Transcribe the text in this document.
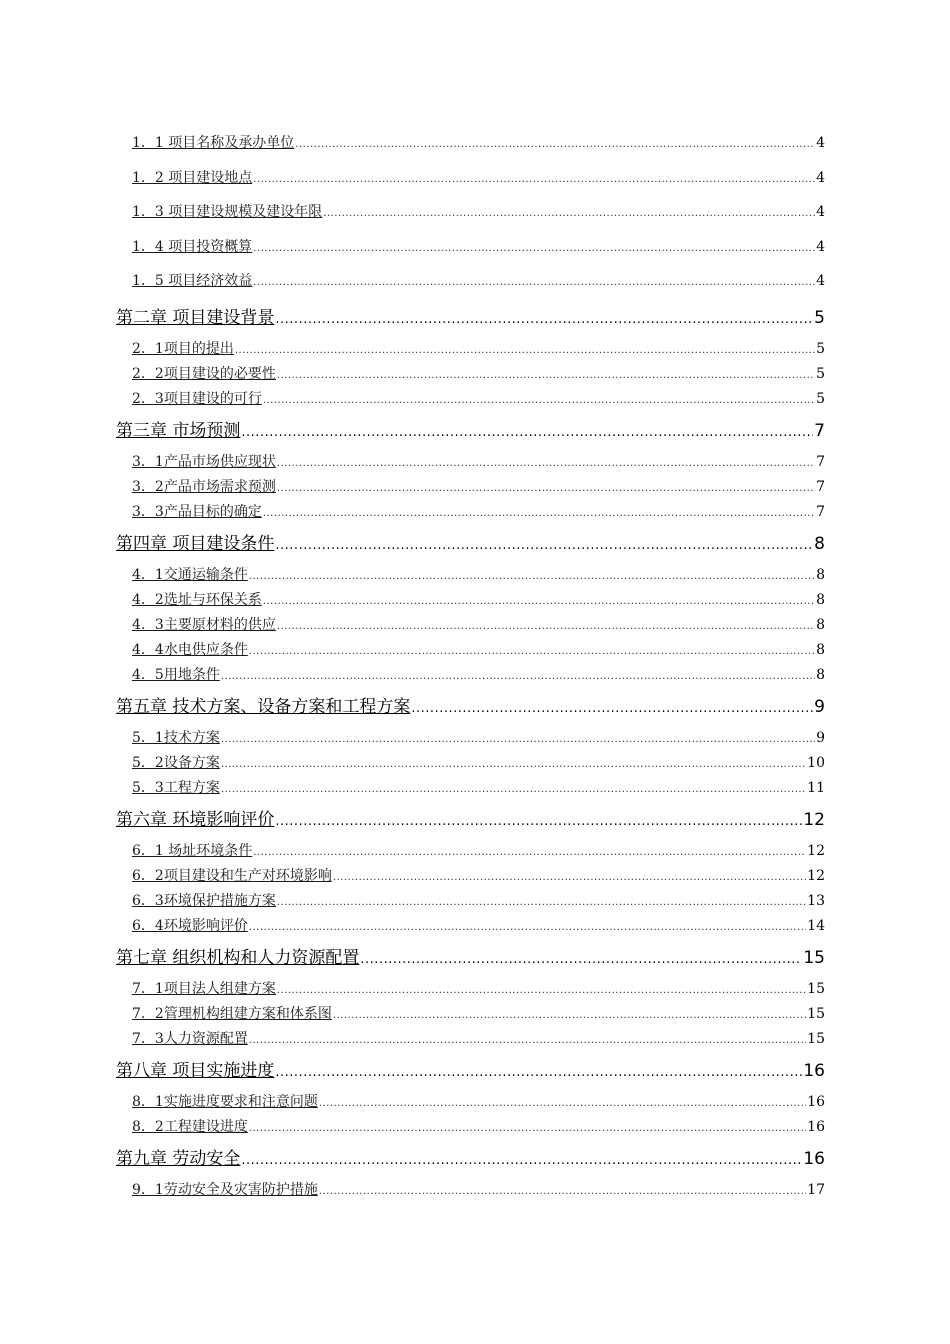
1．1 项目名称及承办单位 .....	4
1．2 项目建设地点 .....	4
1．3 项目建设规模及建设年限 .....	4
1．4 项目投资概算 .....	4
1．5 项目经济效益 .....	4
第二章 项目建设背景 .....	5
2．1项目的提出 .....	5
2．2项目建设的必要性 .....	5
2．3项目建设的可行 .....	5
第三章 市场预测 .....	7
3．1产品市场供应现状 .....	7
3．2产品市场需求预测 .....	7
3．3产品目标的确定 .....	7
第四章 项目建设条件 .....	8
4．1交通运输条件 .....	8
4．2选址与环保关系 .....	8
4．3主要原材料的供应 .....	8
4．4水电供应条件 .....	8
4．5用地条件 .....	8
第五章 技术方案、设备方案和工程方案 .....	9
5．1技术方案 .....	9
5．2设备方案 .....	10
5．3工程方案 .....	11
第六章 环境影响评价 .....	12
6．1 场址环境条件 .....	12
6．2项目建设和生产对环境影响 .....	12
6．3环境保护措施方案 .....	13
6．4环境影响评价 .....	14
第七章 组织机构和人力资源配置 .....	15
7．1项目法人组建方案 .....	15
7．2管理机构组建方案和体系图 .....	15
7．3人力资源配置 .....	15
第八章 项目实施进度 .....	16
8．1实施进度要求和注意问题 .....	16
8．2工程建设进度 .....	16
第九章 劳动安全 .....	16
9．1劳动安全及灾害防护措施 .....	17
